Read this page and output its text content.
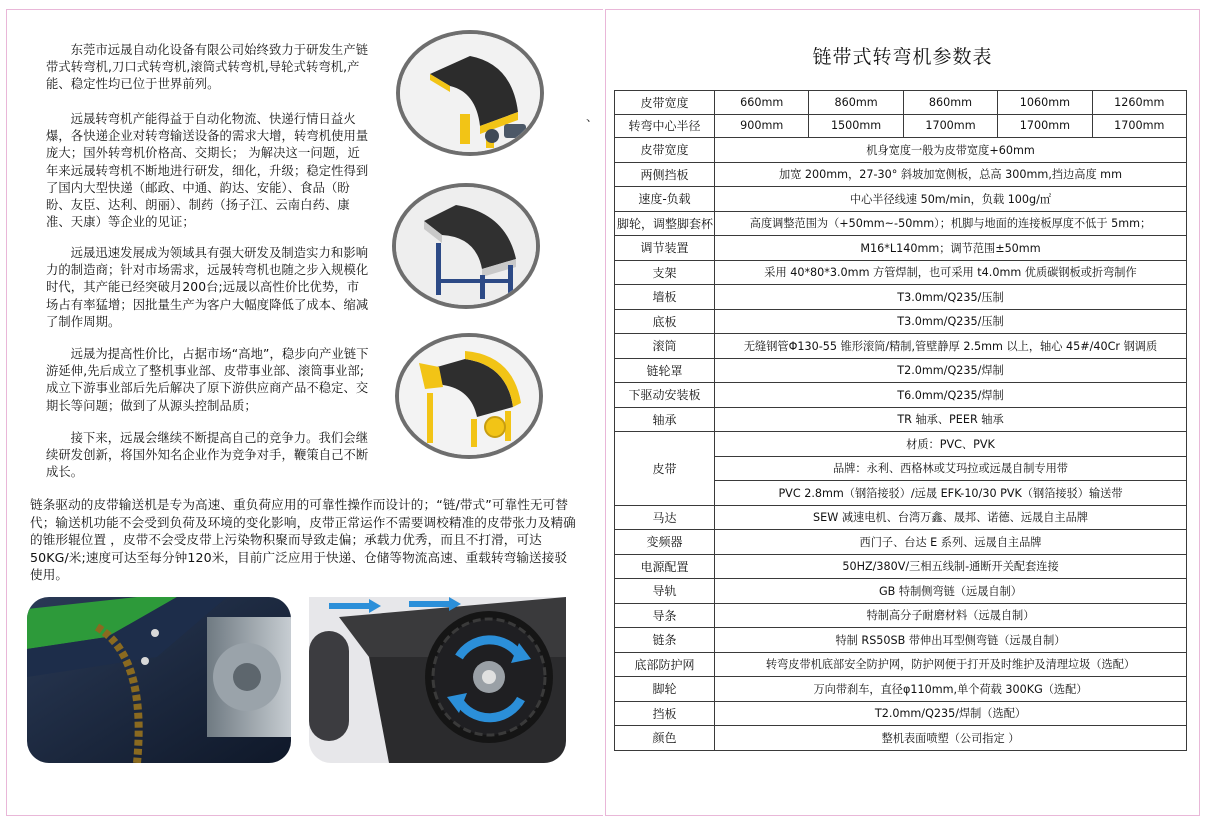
东莞市远晟自动化设备有限公司始终致力于研发生产链带式转弯机,刀口式转弯机,滚筒式转弯机,导轮式转弯机,产能、稳定性均已位于世界前列。

远晟转弯机产能得益于自动化物流、快递行情日益火爆，各快递企业对转弯输送设备的需求大增，转弯机使用量庞大；国外转弯机价格高、交期长； 为解决这一问题，近年来远晟转弯机不断地进行研发，细化，升级；稳定性得到了国内大型快递（邮政、中通、韵达、安能）、食品（盼盼、友臣、达利、朗丽）、制药（扬子江、云南白药、康准、天康）等企业的见证；

远晟迅速发展成为领域具有强大研发及制造实力和影响力的制造商；针对市场需求，远晟转弯机也随之步入规模化时代，其产能已经突破月200台;远晟以高性价比优势，市场占有率猛增；因批量生产为客户大幅度降低了成本、缩减了制作周期。

远晟为提高性价比，占据市场“高地”，稳步向产业链下游延伸,先后成立了整机事业部、皮带事业部、滚筒事业部;成立下游事业部后先后解决了原下游供应商产品不稳定、交期长等问题；做到了从源头控制品质；

接下来，远晟会继续不断提高自己的竞争力。我们会继续研发创新，将国外知名企业作为竞争对手，鞭策自己不断成长。

链条驱动的皮带输送机是专为高速、重负荷应用的可靠性操作而设计的；“链/带式”可靠性无可替代；输送机功能不会受到负荷及环境的变化影响，皮带正常运作不需要调校精准的皮带张力及精确的锥形辊位置 ，皮带不会受皮带上污染物积聚而导致走偏；承载力优秀，而且不打滑，可达50KG/米;速度可达至每分钟120米，目前广泛应用于快递、仓储等物流高速、重载转弯输送接驳使用。

、
链带式转弯机参数表
皮带宽度	660mm	860mm	860mm	1060mm	1260mm
转弯中心半径	900mm	1500mm	1700mm	1700mm	1700mm
皮带宽度	机身宽度一般为皮带宽度+60mm				
两侧挡板	加宽 200mm，27-30° 斜坡加宽侧板，总高 300mm,挡边高度 mm				
速度-负载	中心半径线速 50m/min，负载 100g/㎡				
脚轮，调整脚套杯	高度调整范围为（+50mm~-50mm）；机脚与地面的连接板厚度不低于 5mm；				
调节装置	M16*L140mm；调节范围±50mm				
支架	采用 40*80*3.0mm 方管焊制，也可采用 t4.0mm 优质碳钢板或折弯制作				
墙板	T3.0mm/Q235/压制				
底板	T3.0mm/Q235/压制				
滚筒	无缝钢管Φ130-55 锥形滚筒/精制,管壁静厚 2.5mm 以上，轴心 45#/40Cr 钢调质				
链轮罩	T2.0mm/Q235/焊制				
下驱动安装板	T6.0mm/Q235/焊制				
轴承	TR 轴承、PEER 轴承				
皮带	材质：PVC、PVK				
	品牌：永利、西格林或艾玛拉或远晟自制专用带				
	PVC 2.8mm（钢箔接驳）/远晟 EFK-10/30 PVK（钢箔接驳）输送带				
马达	SEW 减速电机、台湾万鑫、晟邦、诺德、远晟自主品牌				
变频器	西门子、台达 E 系列、远晟自主品牌				
电源配置	50HZ/380V/三相五线制-通断开关配套连接				
导轨	GB 特制侧弯链（远晟自制）				
导条	特制高分子耐磨材料（远晟自制）				
链条	特制 RS50SB 带伸出耳型侧弯链（远晟自制）				
底部防护网	转弯皮带机底部安全防护网，防护网便于打开及时维护及清理垃圾（选配）				
脚轮	万向带刹车，直径φ110mm,单个荷载 300KG（选配）				
挡板	T2.0mm/Q235/焊制（选配）				
颜色	整机表面喷塑（公司指定 ）				
